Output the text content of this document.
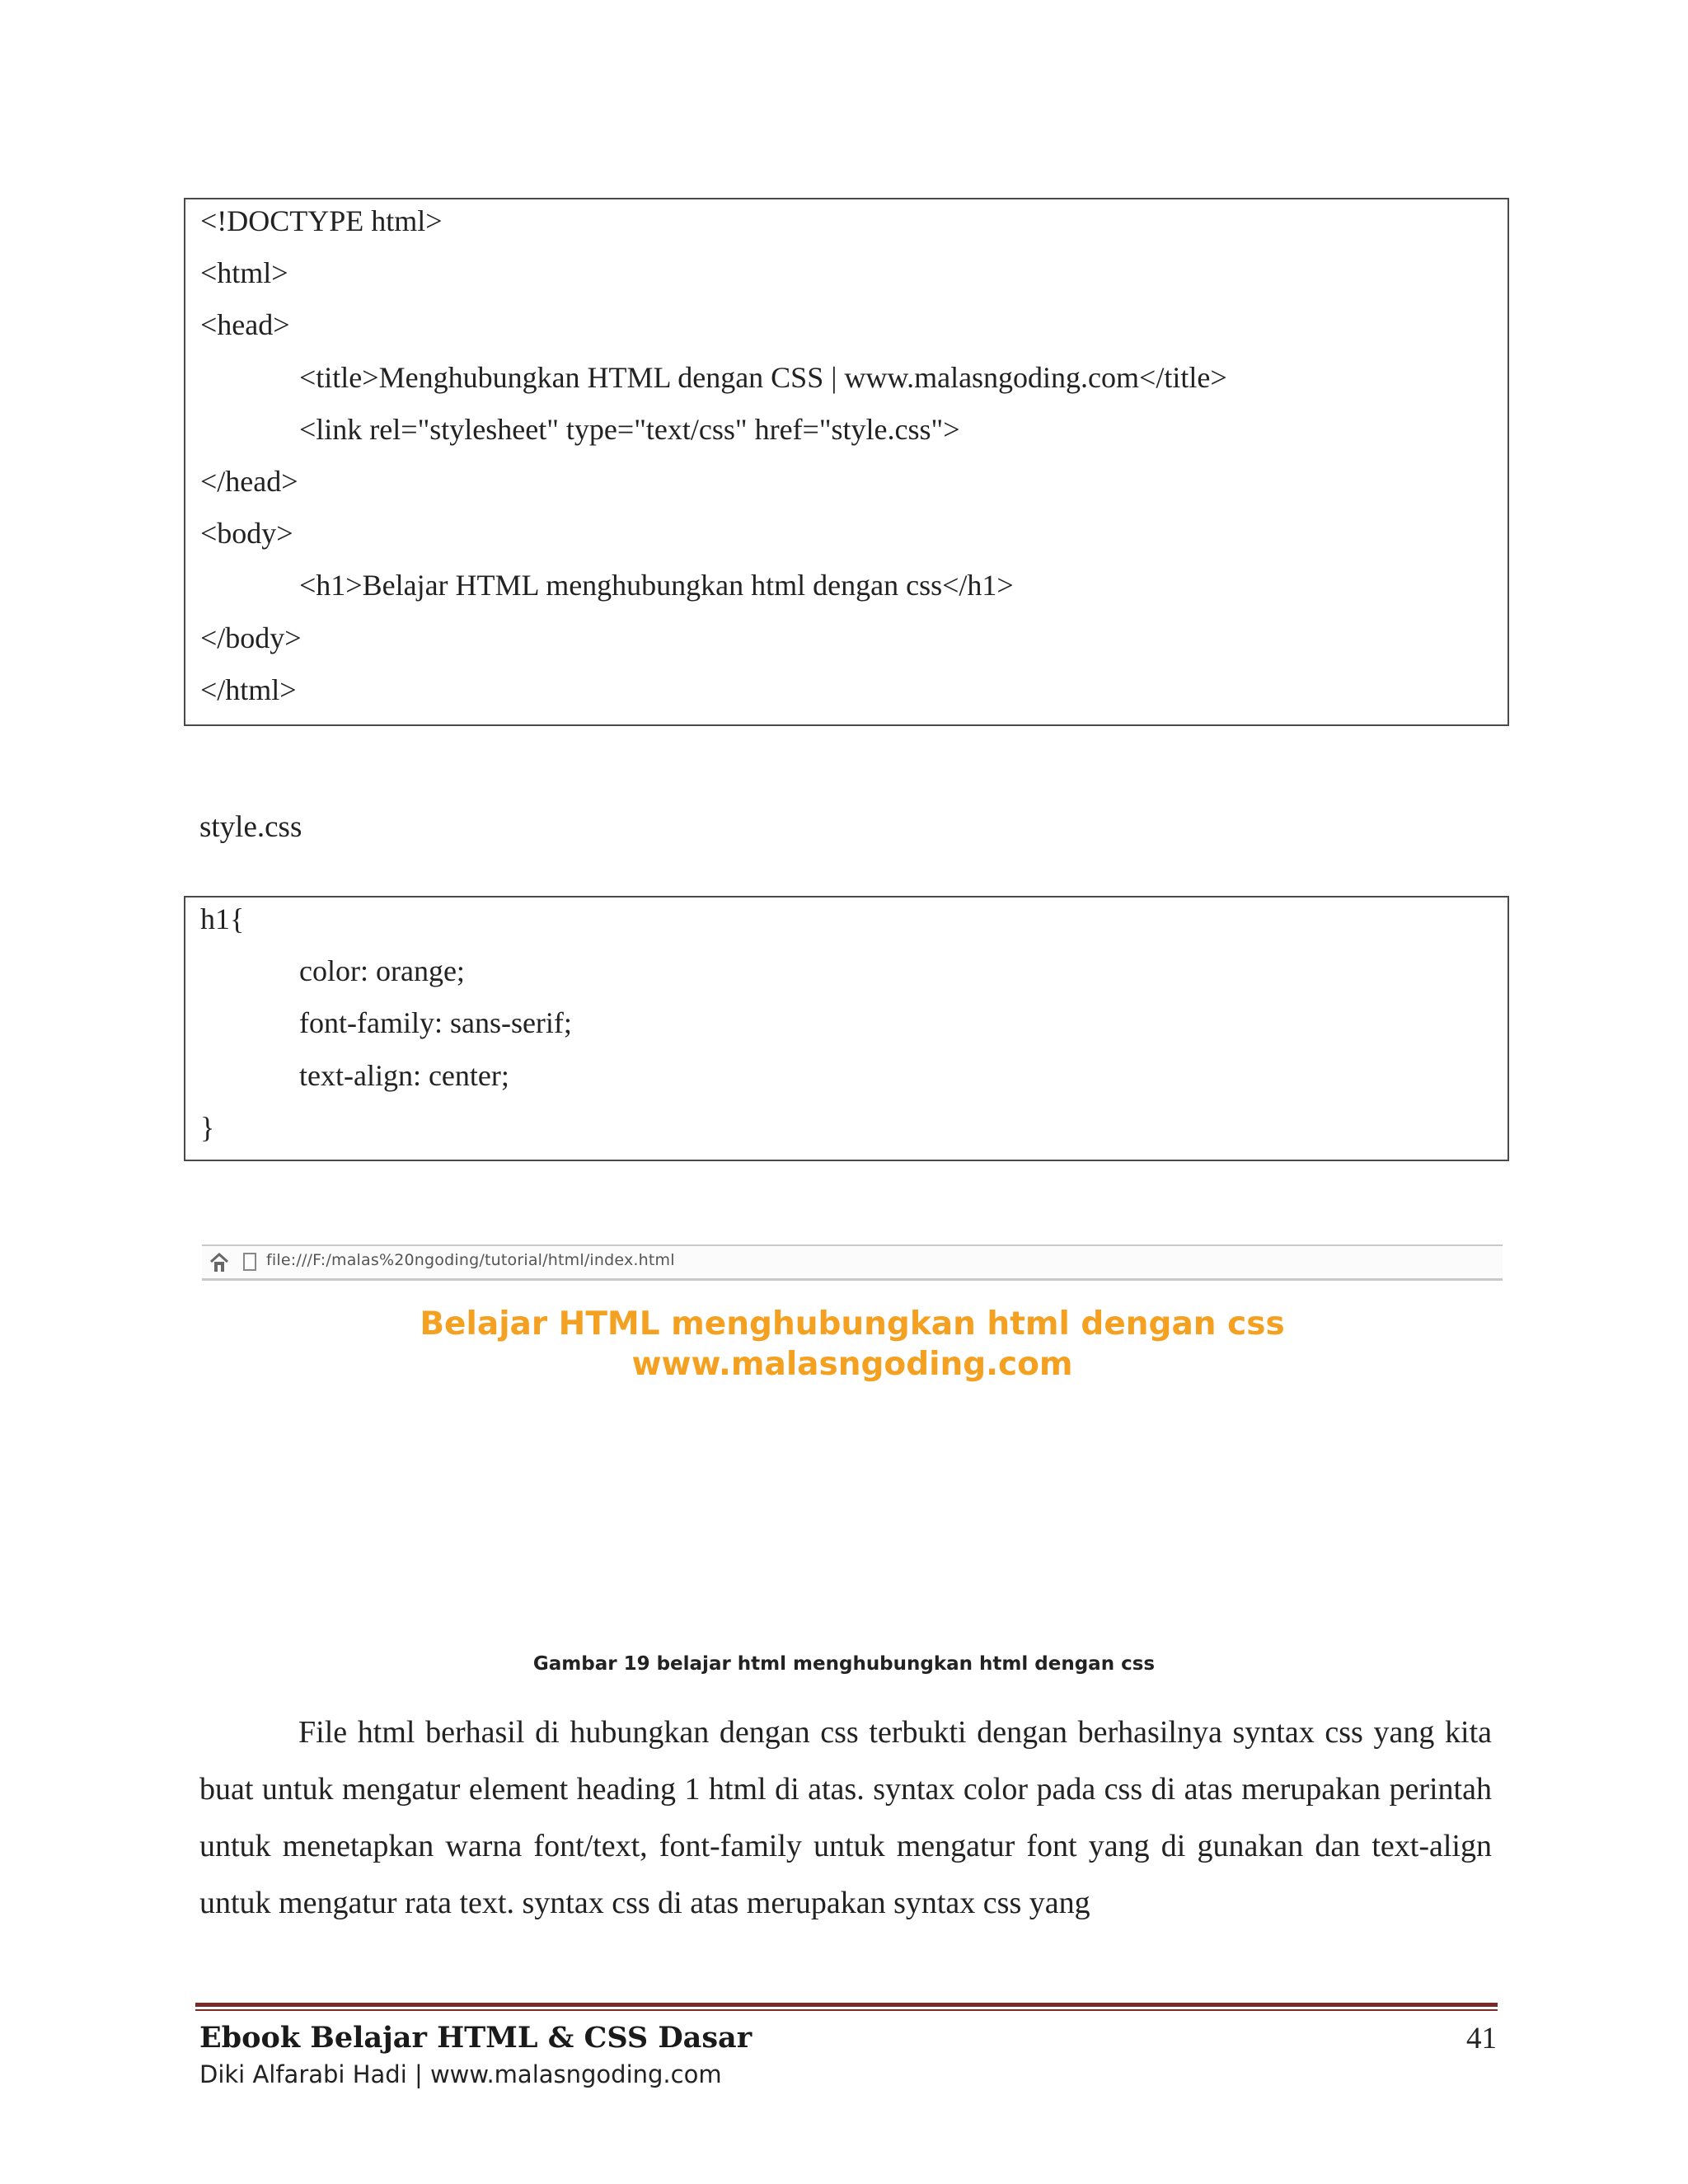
<!DOCTYPE html>
<html>
<head>
<title>Menghubungkan HTML dengan CSS | www.malasngoding.com</title>
<link rel="stylesheet" type="text/css" href="style.css">
</head>
<body>
<h1>Belajar HTML menghubungkan html dengan css</h1>
</body>
</html>
style.css
h1{
color: orange;
font-family: sans-serif;
text-align: center;
}
file:///F:/malas%20ngoding/tutorial/html/index.html
Belajar HTML menghubungkan html dengan css
www.malasngoding.com
Gambar 19 belajar html menghubungkan html dengan css
File html berhasil di hubungkan dengan css terbukti dengan berhasilnya syntax css yang kita buat untuk mengatur element heading 1 html di atas. syntax color pada css di atas merupakan perintah untuk menetapkan warna font/text, font-family untuk mengatur font yang di gunakan dan text-align untuk mengatur rata text. syntax css di atas merupakan syntax css yang
Ebook Belajar HTML & CSS Dasar
Diki Alfarabi Hadi | www.malasngoding.com
41
